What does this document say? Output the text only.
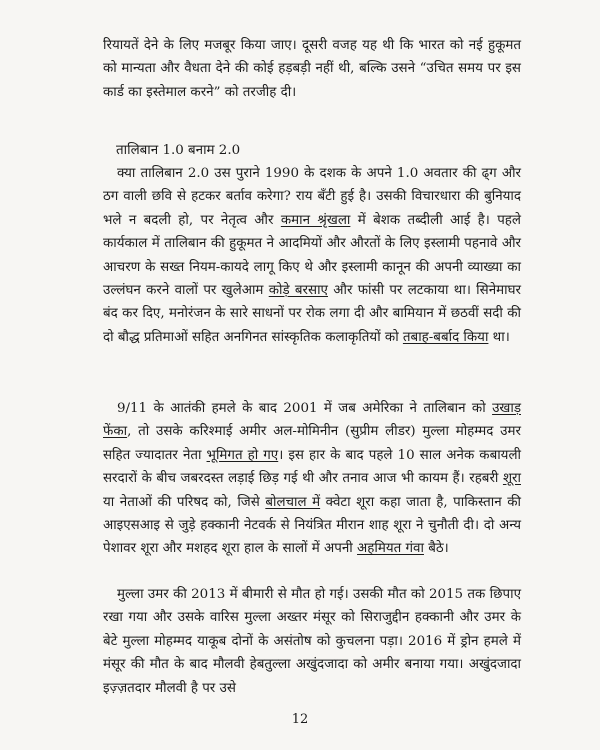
रियायतें देने के लिए मजबूर किया जाए। दूसरी वजह यह थी कि भारत को नई हुकूमत को मान्यता और वैधता देने की कोई हड़बड़ी नहीं थी, बल्कि उसने “उचित समय पर इस कार्ड का इस्तेमाल करने” को तरजीह दी।

तालिबान 1.0 बनाम 2.0

क्या तालिबान 2.0 उस पुराने 1990 के दशक के अपने 1.0 अवतार की ढ्ग और ठग वाली छवि से हटकर बर्ताव करेगा? राय बँटी हुई है। उसकी विचारधारा की बुनियाद भले न बदली हो, पर नेतृत्व और कमान श्रृंखला में बेशक तब्दीली आई है। पहले कार्यकाल में तालिबान की हुकूमत ने आदमियों और औरतों के लिए इस्लामी पहनावे और आचरण के सख्त नियम-कायदे लागू किए थे और इस्लामी कानून की अपनी व्याख्या का उल्लंघन करने वालों पर खुलेआम कोड़े बरसाए और फांसी पर लटकाया था। सिनेमाघर बंद कर दिए, मनोरंजन के सारे साधनों पर रोक लगा दी और बामियान में छठवीं सदी की दो बौद्ध प्रतिमाओं सहित अनगिनत सांस्कृतिक कलाकृतियों को तबाह-बर्बाद किया था।

9/11 के आतंकी हमले के बाद 2001 में जब अमेरिका ने तालिबान को उखाड़ फेंका, तो उसके करिश्माई अमीर अल-मोमिनीन (सुप्रीम लीडर) मुल्ला मोहम्मद उमर सहित ज्यादातर नेता भूमिगत हो गए। इस हार के बाद पहले 10 साल अनेक कबायली सरदारों के बीच जबरदस्त लड़ाई छिड़ गई थी और तनाव आज भी कायम हैं। रहबरी शूरा या नेताओं की परिषद को, जिसे बोलचाल में क्वेटा शूरा कहा जाता है, पाकिस्तान की आइएसआइ से जुड़े हक्कानी नेटवर्क से नियंत्रित मीरान शाह शूरा ने चुनौती दी। दो अन्य पेशावर शूरा और मशहद शूरा हाल के सालों में अपनी अहमियत गंवा बैठे।

मुल्ला उमर की 2013 में बीमारी से मौत हो गई। उसकी मौत को 2015 तक छिपाए रखा गया और उसके वारिस मुल्ला अख्तर मंसूर को सिराजुद्दीन हक्कानी और उमर के बेटे मुल्ला मोहम्मद याकूब दोनों के असंतोष को कुचलना पड़ा। 2016 में ड्रोन हमले में मंसूर की मौत के बाद मौलवी हेबतुल्ला अखुंदजादा को अमीर बनाया गया। अखुंदजादा इज़्ज़तदार मौलवी है पर उसे

12
